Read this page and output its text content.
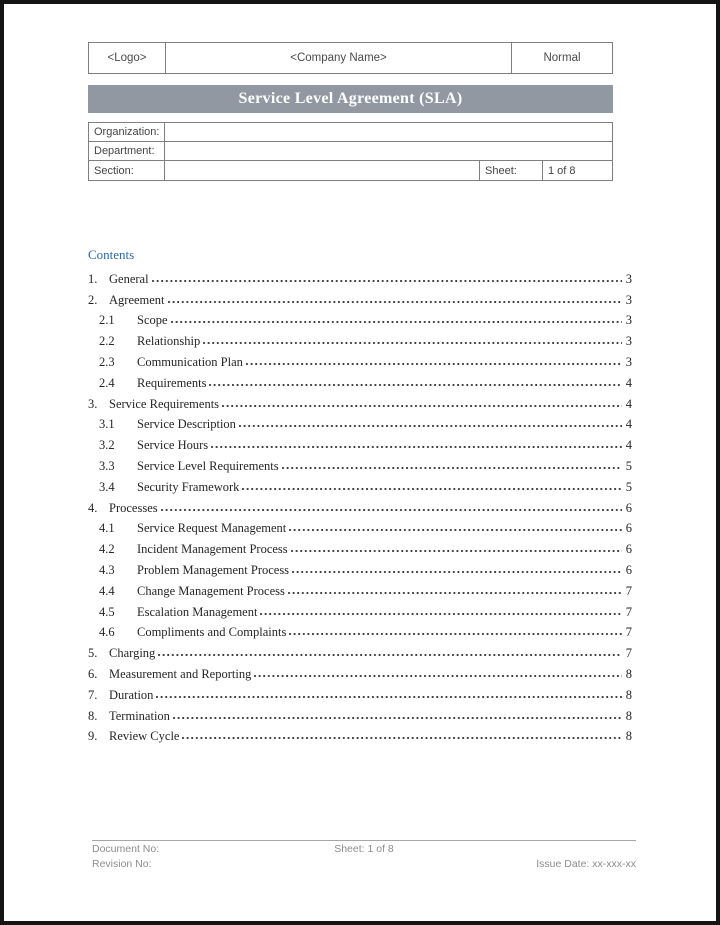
<Logo>	<Company Name>	Normal
Service Level Agreement (SLA)
Organization:
Department:
Section:	Sheet:	1 of 8
Contents
1. General	3
2. Agreement	3
2.1	Scope	3
2.2	Relationship	3
2.3	Communication Plan	3
2.4	Requirements	4
3. Service Requirements	4
3.1	Service Description	4
3.2	Service Hours	4
3.3	Service Level Requirements	5
3.4	Security Framework	5
4. Processes	6
4.1	Service Request Management	6
4.2	Incident Management Process	6
4.3	Problem Management Process	6
4.4	Change Management Process	7
4.5	Escalation Management	7
4.6	Compliments and Complaints	7
5. Charging	7
6. Measurement and Reporting	8
7. Duration	8
8. Termination	8
9. Review Cycle	8
Document No:	Sheet: 1 of 8
Revision No:	Issue Date: xx-xxx-xx
